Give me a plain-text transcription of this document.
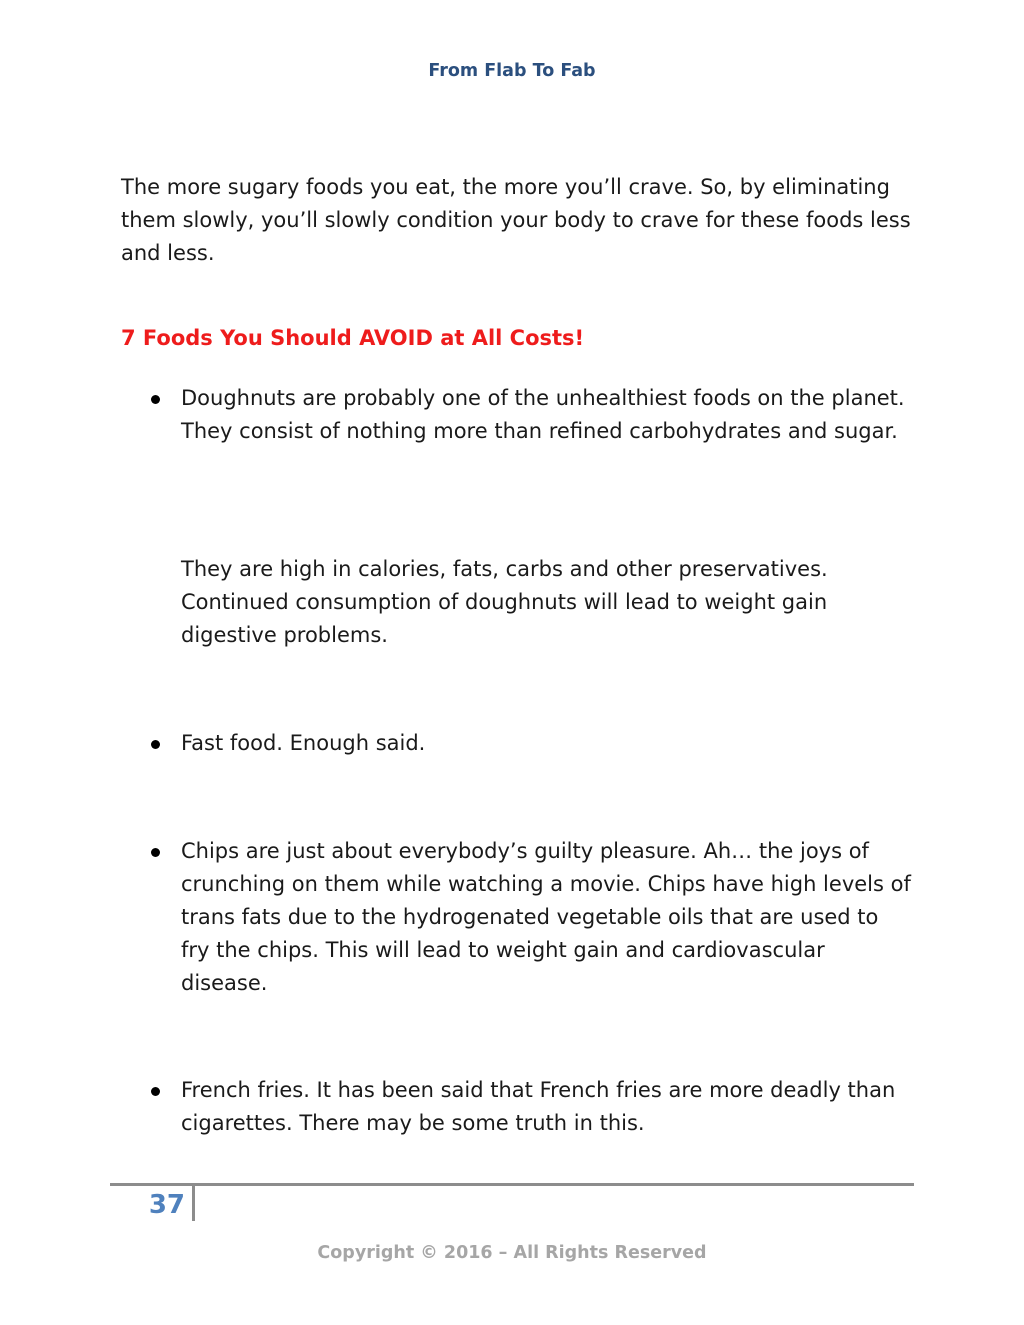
From Flab To Fab

The more sugary foods you eat, the more you’ll crave. So, by eliminating them slowly, you’ll slowly condition your body to crave for these foods less and less.

7 Foods You Should AVOID at All Costs!

Doughnuts are probably one of the unhealthiest foods on the planet. They consist of nothing more than refined carbohydrates and sugar.

They are high in calories, fats, carbs and other preservatives. Continued consumption of doughnuts will lead to weight gain digestive problems.

Fast food. Enough said.

Chips are just about everybody’s guilty pleasure. Ah… the joys of crunching on them while watching a movie. Chips have high levels of trans fats due to the hydrogenated vegetable oils that are used to fry the chips. This will lead to weight gain and cardiovascular disease.

French fries. It has been said that French fries are more deadly than cigarettes. There may be some truth in this.

37
Copyright © 2016 – All Rights Reserved
